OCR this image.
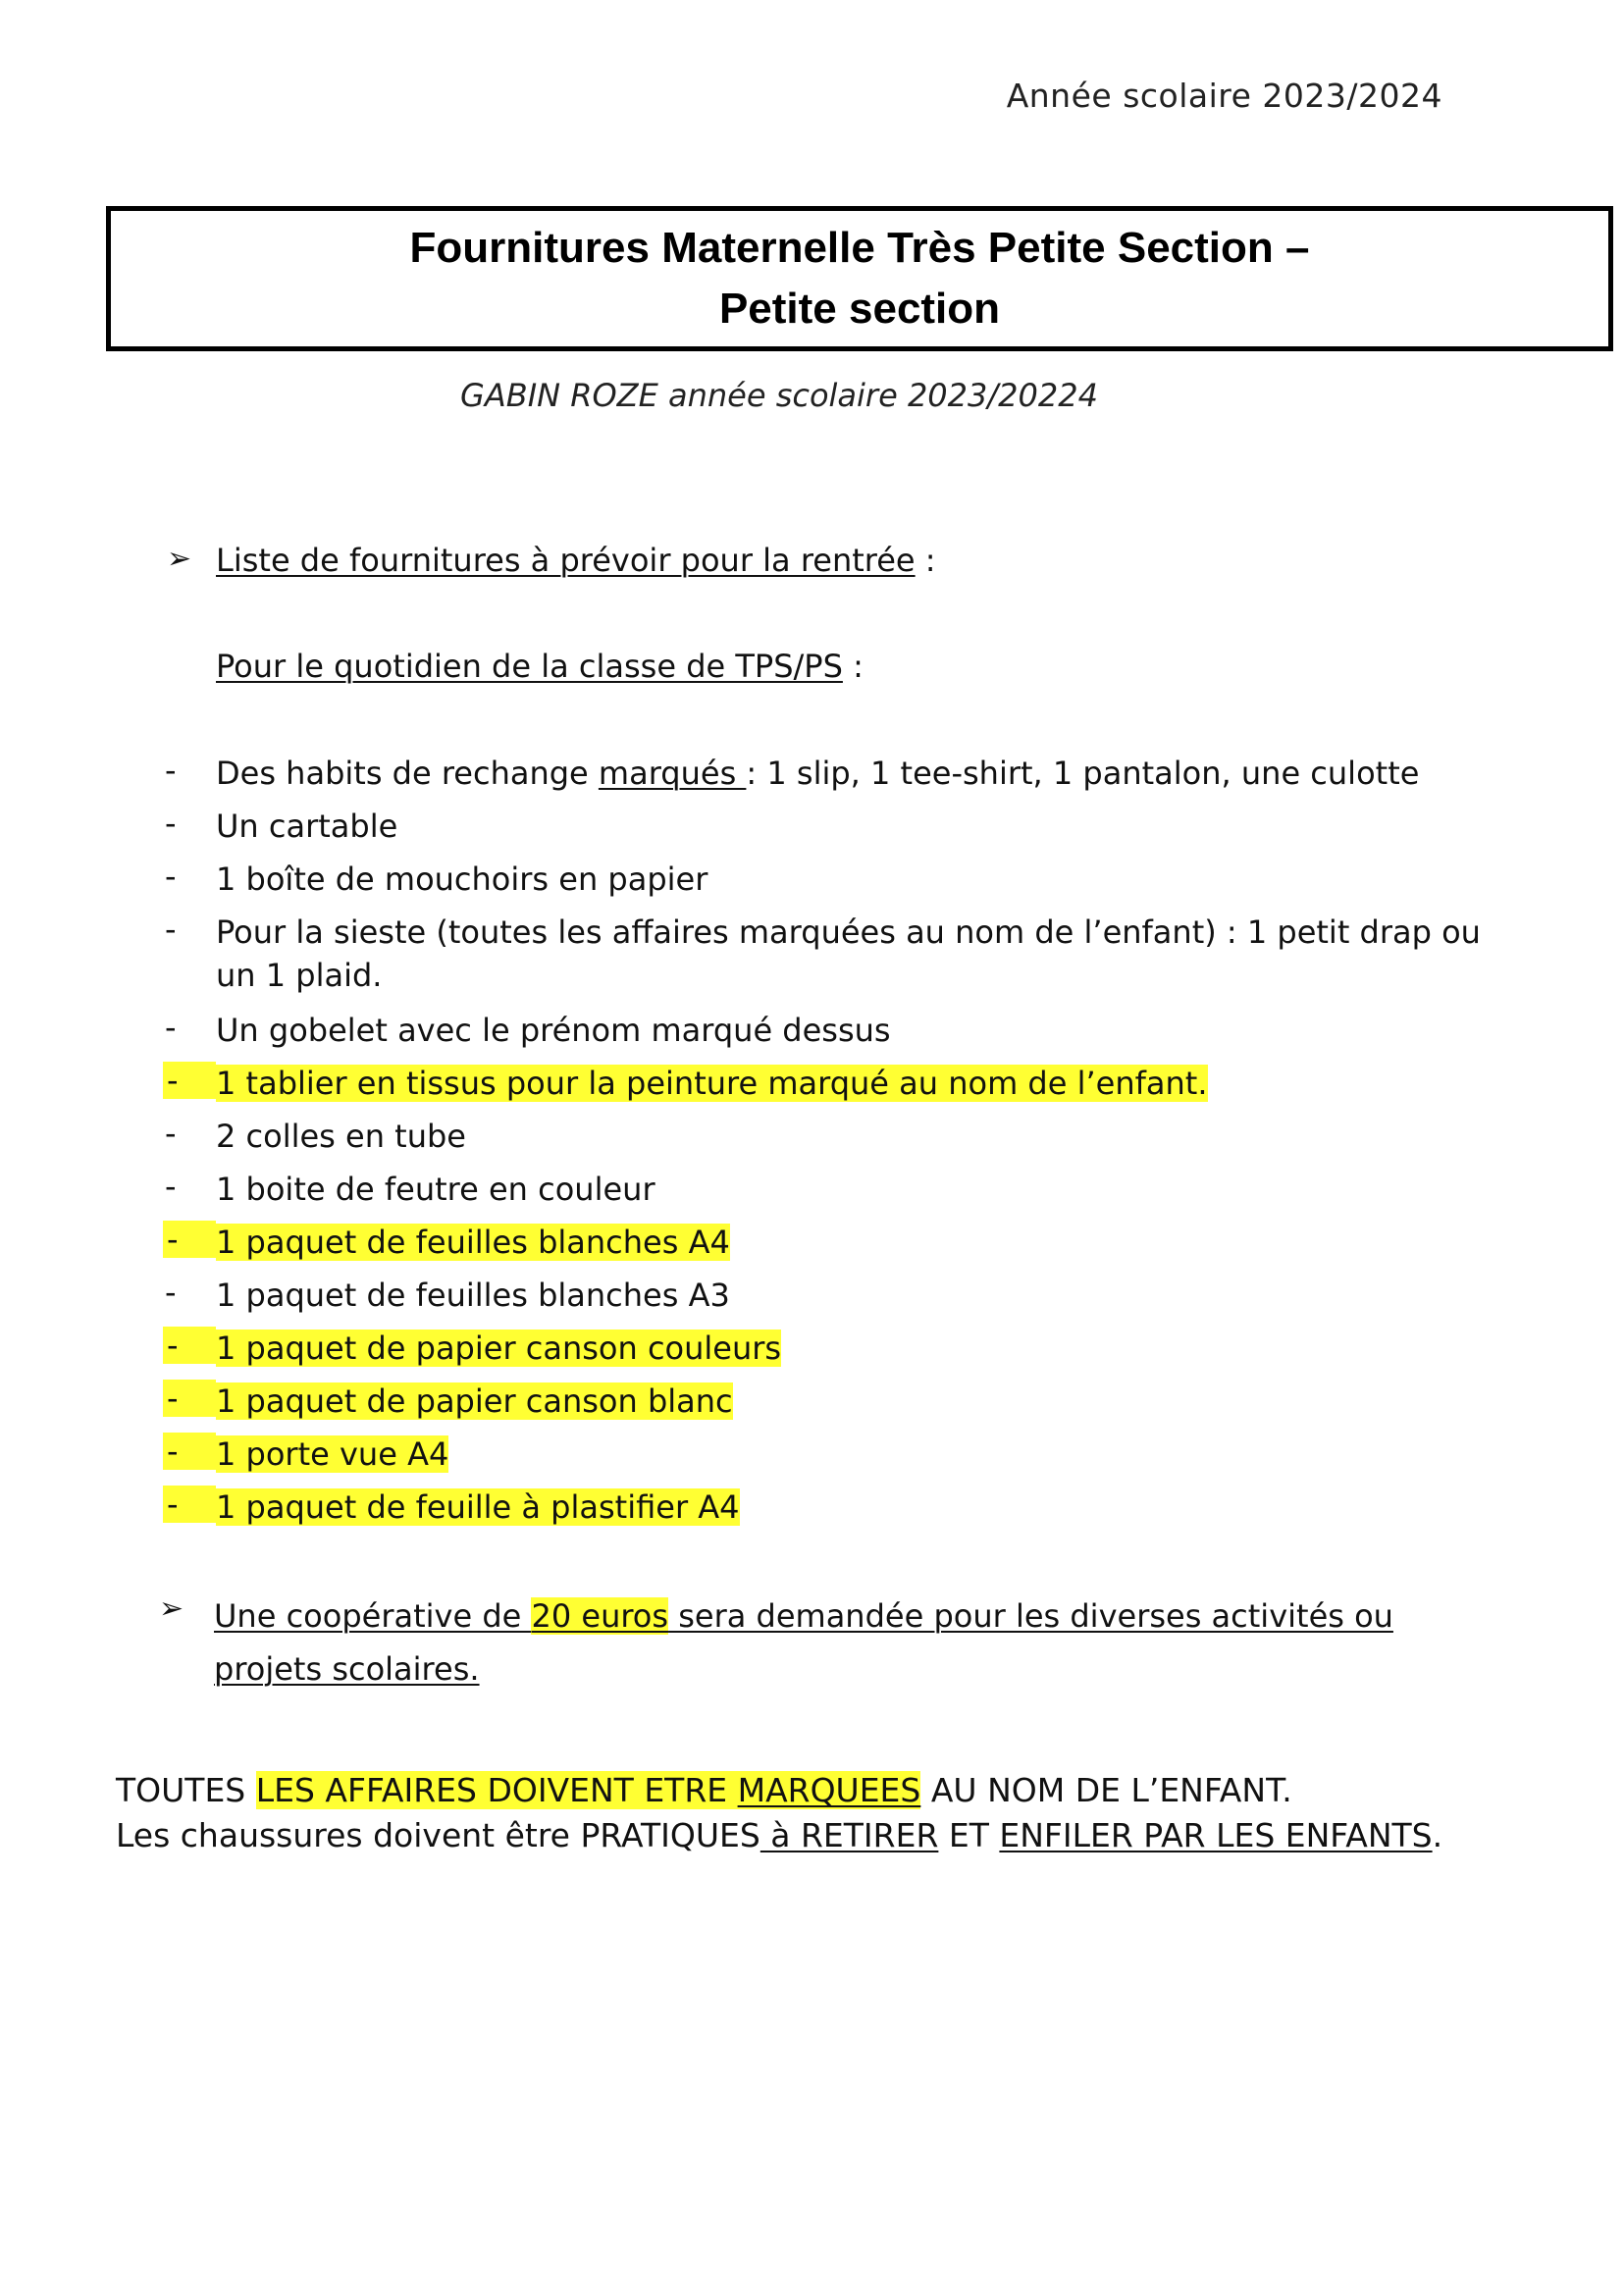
Année scolaire 2023/2024
Fournitures Maternelle Très Petite Section –
Petite section
GABIN ROZE année scolaire 2023/20224
➢ Liste de fournitures à prévoir pour la rentrée :
Pour le quotidien de la classe de TPS/PS :
-	Des habits de rechange marqués : 1 slip, 1 tee-shirt, 1 pantalon, une culotte
-	Un cartable
-	1 boîte de mouchoirs en papier
-	Pour la sieste (toutes les affaires marquées au nom de l’enfant) : 1 petit drap ou un 1 plaid.
-	Un gobelet avec le prénom marqué dessus
-	1 tablier en tissus pour la peinture marqué au nom de l’enfant.
-	2 colles en tube
-	1 boite de feutre en couleur
-	1 paquet de feuilles blanches A4
-	1 paquet de feuilles blanches A3
-	1 paquet de papier canson couleurs
-	1 paquet de papier canson blanc
-	1 porte vue A4
-	1 paquet de feuille à plastifier A4
➢ Une coopérative de 20 euros sera demandée pour les diverses activités ou projets scolaires.
TOUTES LES AFFAIRES DOIVENT ETRE MARQUEES AU NOM DE L’ENFANT.
Les chaussures doivent être PRATIQUES à RETIRER ET ENFILER PAR LES ENFANTS.
